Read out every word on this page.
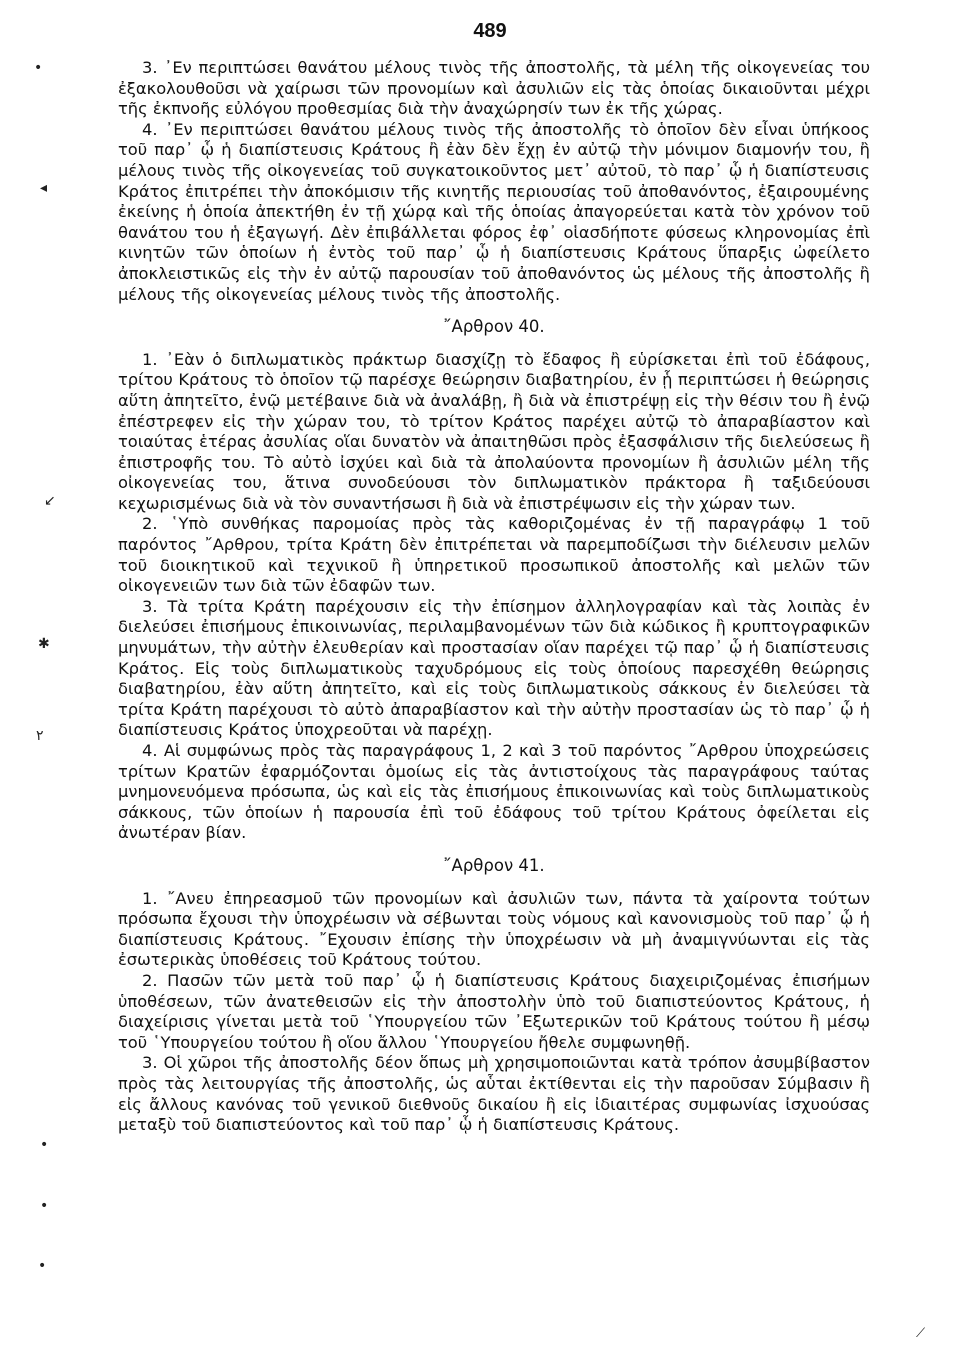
489

3. ᾽Εν περιπτώσει θανάτου μέλους τινὸς τῆς ἀποστολῆς, τὰ μέλη τῆς οἰκογενείας του ἐξακολουθοῦσι νὰ χαίρωσι τῶν προνομίων καὶ ἀσυλιῶν εἰς τὰς ὁποίας δικαιοῦνται μέχρι τῆς ἐκπνοῆς εὐλόγου προθεσμίας διὰ τὴν ἀναχώρησίν των ἐκ τῆς χώρας.

4. ᾽Εν περιπτώσει θανάτου μέλους τινὸς τῆς ἀποστολῆς τὸ ὁποῖον δὲν εἶναι ὑπήκοος τοῦ παρ᾽ ᾧ ἡ διαπίστευσις Κράτους ἢ ἐὰν δὲν ἔχῃ ἐν αὐτῷ τὴν μόνιμον διαμονήν του, ἢ μέλους τινὸς τῆς οἰκογενείας τοῦ συγκατοικοῦντος μετ᾽ αὐτοῦ, τὸ παρ᾽ ᾧ ἡ διαπίστευσις Κράτος ἐπιτρέπει τὴν ἀποκόμισιν τῆς κινητῆς περιουσίας τοῦ ἀποθανόντος, ἐξαιρουμένης ἐκείνης ἡ ὁποία ἀπεκτήθη ἐν τῇ χώρᾳ καὶ τῆς ὁποίας ἀπαγορεύεται κατὰ τὸν χρόνον τοῦ θανάτου του ἡ ἐξαγωγή. Δὲν ἐπιβάλλεται φόρος ἐφ᾽ οἱασδήποτε φύσεως κληρονομίας ἐπὶ κινητῶν τῶν ὁποίων ἡ ἐντὸς τοῦ παρ᾽ ᾧ ἡ διαπίστευσις Κράτους ὕπαρξις ὠφείλετο ἀποκλειστικῶς εἰς τὴν ἐν αὐτῷ παρουσίαν τοῦ ἀποθανόντος ὡς μέλους τῆς ἀποστολῆς ἢ μέλους τῆς οἰκογενείας μέλους τινὸς τῆς ἀποστολῆς.

῎Αρθρον 40.

1. ᾽Εὰν ὁ διπλωματικὸς πράκτωρ διασχίζῃ τὸ ἔδαφος ἢ εὑρίσκεται ἐπὶ τοῦ ἐδάφους, τρίτου Κράτους τὸ ὁποῖον τῷ παρέσχε θεώρησιν διαβατηρίου, ἐν ᾗ περιπτώσει ἡ θεώρησις αὕτη ἀπητεῖτο, ἐνῷ μετέβαινε διὰ νὰ ἀναλάβῃ, ἢ διὰ νὰ ἐπιστρέψῃ εἰς τὴν θέσιν του ἢ ἐνῷ ἐπέστρεφεν εἰς τὴν χώραν του, τὸ τρίτον Κράτος παρέχει αὐτῷ τὸ ἀπαραβίαστον καὶ τοιαύτας ἑτέρας ἀσυλίας οἵαι δυνατὸν νὰ ἀπαιτηθῶσι πρὸς ἐξασφάλισιν τῆς διελεύσεως ἢ ἐπιστροφῆς του. Τὸ αὐτὸ ἰσχύει καὶ διὰ τὰ ἀπολαύοντα προνομίων ἢ ἀσυλιῶν μέλη τῆς οἰκογενείας του, ἅτινα συνοδεύουσι τὸν διπλωματικὸν πράκτορα ἢ ταξιδεύουσι κεχωρισμένως διὰ νὰ τὸν συναντήσωσι ἢ διὰ νὰ ἐπιστρέψωσιν εἰς τὴν χώραν των.

2. ῾Υπὸ συνθήκας παρομοίας πρὸς τὰς καθοριζομένας ἐν τῇ παραγράφῳ 1 τοῦ παρόντος ῎Αρθρου, τρίτα Κράτη δὲν ἐπιτρέπεται νὰ παρεμποδίζωσι τὴν διέλευσιν μελῶν τοῦ διοικητικοῦ καὶ τεχνικοῦ ἢ ὑπηρετικοῦ προσωπικοῦ ἀποστολῆς καὶ μελῶν τῶν οἰκογενειῶν των διὰ τῶν ἐδαφῶν των.

3. Τὰ τρίτα Κράτη παρέχουσιν εἰς τὴν ἐπίσημον ἀλληλογραφίαν καὶ τὰς λοιπὰς ἐν διελεύσει ἐπισήμους ἐπικοινωνίας, περιλαμβανομένων τῶν διὰ κώδικος ἢ κρυπτογραφικῶν μηνυμάτων, τὴν αὐτὴν ἐλευθερίαν καὶ προστασίαν οἵαν παρέχει τῷ παρ᾽ ᾧ ἡ διαπίστευσις Κράτος. Εἰς τοὺς διπλωματικοὺς ταχυδρόμους εἰς τοὺς ὁποίους παρεσχέθη θεώρησις διαβατηρίου, ἐὰν αὕτη ἀπητεῖτο, καὶ εἰς τοὺς διπλωματικοὺς σάκκους ἐν διελεύσει τὰ τρίτα Κράτη παρέχουσι τὸ αὐτὸ ἀπαραβίαστον καὶ τὴν αὐτὴν προστασίαν ὡς τὸ παρ᾽ ᾧ ἡ διαπίστευσις Κράτος ὑποχρεοῦται νὰ παρέχῃ.

4. Αἱ συμφώνως πρὸς τὰς παραγράφους 1, 2 καὶ 3 τοῦ παρόντος ῎Αρθρου ὑποχρεώσεις τρίτων Κρατῶν ἐφαρμόζονται ὁμοίως εἰς τὰς ἀντιστοίχους τὰς παραγράφους ταύτας μνημονευόμενα πρόσωπα, ὡς καὶ εἰς τὰς ἐπισήμους ἐπικοινωνίας καὶ τοὺς διπλωματικοὺς σάκκους, τῶν ὁποίων ἡ παρουσία ἐπὶ τοῦ ἐδάφους τοῦ τρίτου Κράτους ὀφείλεται εἰς ἀνωτέραν βίαν.

῎Αρθρον 41.

1. ῎Ανευ ἐπηρεασμοῦ τῶν προνομίων καὶ ἀσυλιῶν των, πάντα τὰ χαίροντα τούτων πρόσωπα ἔχουσι τὴν ὑποχρέωσιν νὰ σέβωνται τοὺς νόμους καὶ κανονισμοὺς τοῦ παρ᾽ ᾧ ἡ διαπίστευσις Κράτους. ῎Εχουσιν ἐπίσης τὴν ὑποχρέωσιν νὰ μὴ ἀναμιγνύωνται εἰς τὰς ἐσωτερικὰς ὑποθέσεις τοῦ Κράτους τούτου.

2. Πασῶν τῶν μετὰ τοῦ παρ᾽ ᾧ ἡ διαπίστευσις Κράτους διαχειριζομένας ἐπισήμων ὑποθέσεων, τῶν ἀνατεθεισῶν εἰς τὴν ἀποστολὴν ὑπὸ τοῦ διαπιστεύοντος Κράτους, ἡ διαχείρισις γίνεται μετὰ τοῦ ῾Υπουργείου τῶν ᾽Εξωτερικῶν τοῦ Κράτους τούτου ἢ μέσῳ τοῦ ῾Υπουργείου τούτου ἢ οἵου ἄλλου ῾Υπουργείου ἤθελε συμφωνηθῇ.

3. Οἱ χῶροι τῆς ἀποστολῆς δέον ὅπως μὴ χρησιμοποιῶνται κατὰ τρόπον ἀσυμβίβαστον πρὸς τὰς λειτουργίας τῆς ἀποστολῆς, ὡς αὗται ἐκτίθενται εἰς τὴν παροῦσαν Σύμβασιν ἢ εἰς ἄλλους κανόνας τοῦ γενικοῦ διεθνοῦς δικαίου ἢ εἰς ἰδιαιτέρας συμφωνίας ἰσχυούσας μεταξὺ τοῦ διαπιστεύοντος καὶ τοῦ παρ᾽ ᾧ ἡ διαπίστευσις Κράτους.

•
◂
↙
✱
٢
•
•
•
⟋
